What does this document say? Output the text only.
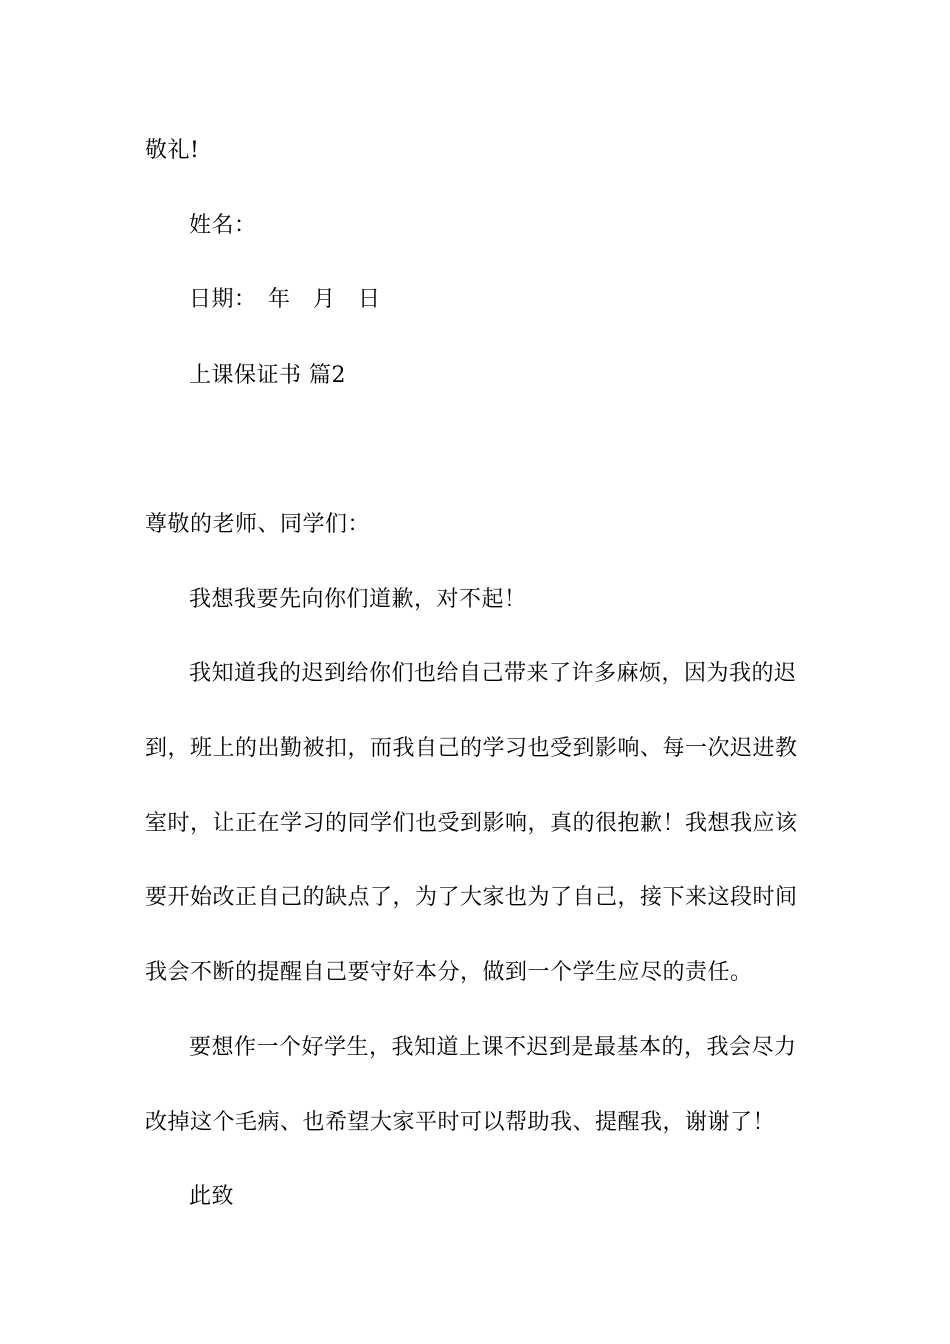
敬礼!
姓名：
日期：　年　月　日
上课保证书 篇2
尊敬的老师、同学们：
我想我要先向你们道歉，对不起！
我知道我的迟到给你们也给自己带来了许多麻烦，因为我的迟
到，班上的出勤被扣，而我自己的学习也受到影响、每一次迟进教
室时，让正在学习的同学们也受到影响，真的很抱歉！我想我应该
要开始改正自己的缺点了，为了大家也为了自己，接下来这段时间
我会不断的提醒自己要守好本分，做到一个学生应尽的责任。
要想作一个好学生，我知道上课不迟到是最基本的，我会尽力
改掉这个毛病、也希望大家平时可以帮助我、提醒我，谢谢了！
此致
